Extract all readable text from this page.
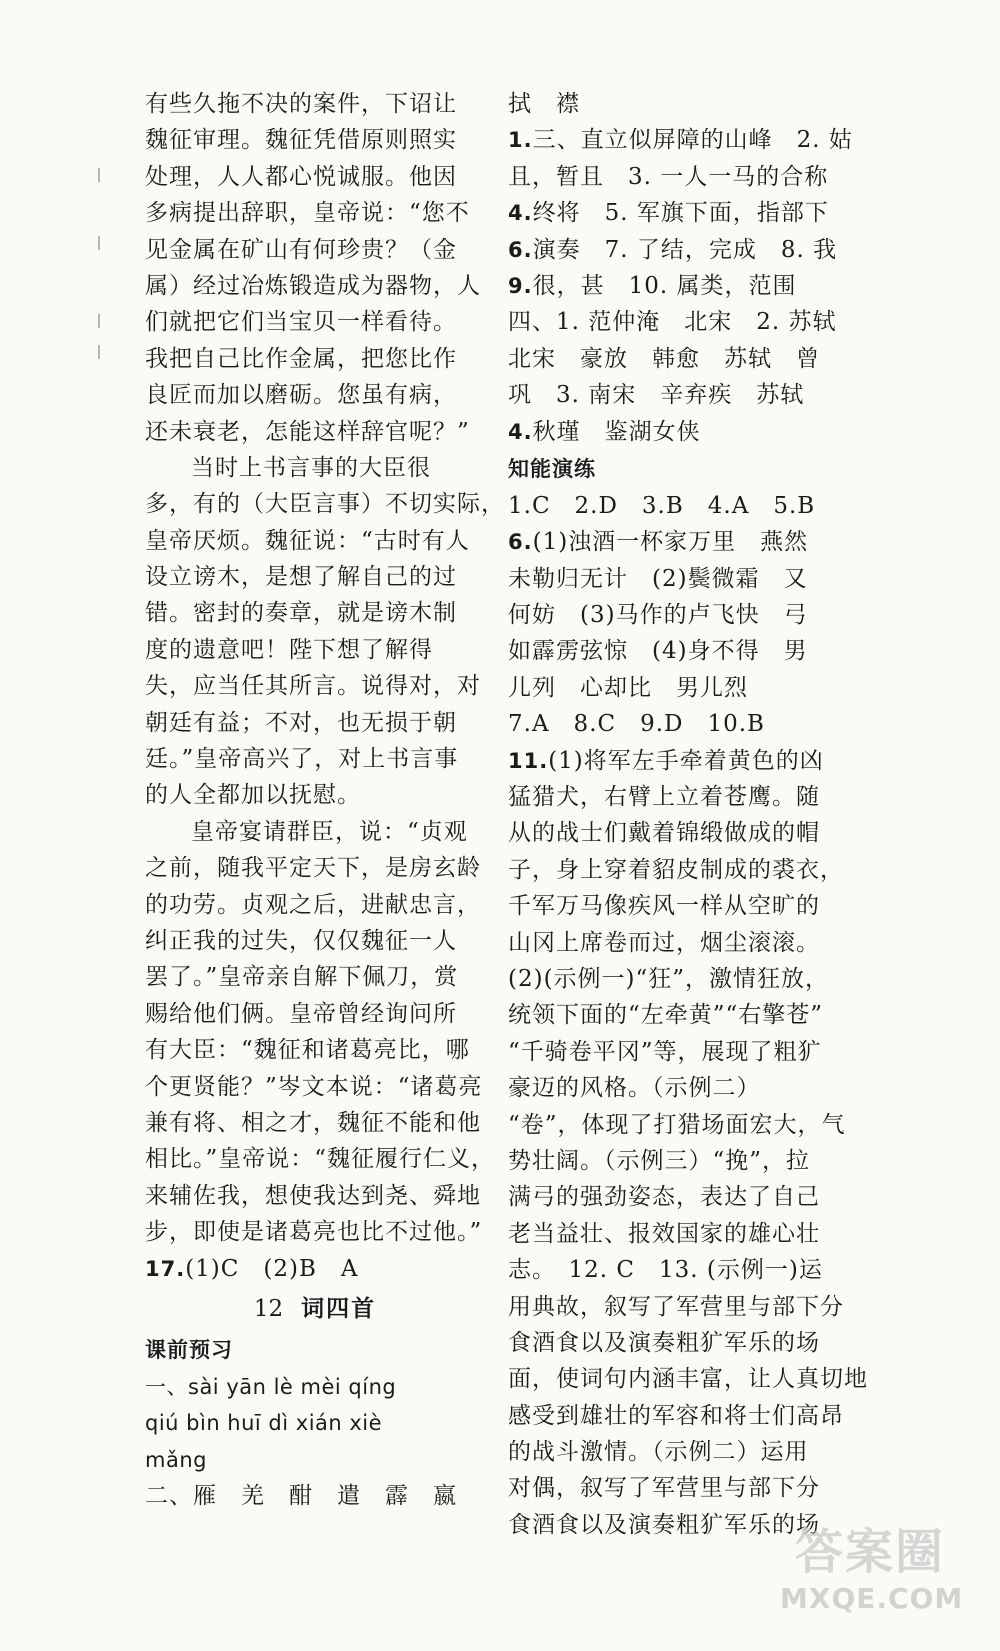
有些久拖不决的案件，下诏让
魏征审理。魏征凭借原则照实
处理，人人都心悦诚服。他因
多病提出辞职，皇帝说：“您不
见金属在矿山有何珍贵？（金
属）经过冶炼锻造成为器物，人
们就把它们当宝贝一样看待。
我把自己比作金属，把您比作
良匠而加以磨砺。您虽有病，
还未衰老，怎能这样辞官呢？”
当时上书言事的大臣很
多，有的（大臣言事）不切实际，
皇帝厌烦。魏征说：“古时有人
设立谤木，是想了解自己的过
错。密封的奏章，就是谤木制
度的遗意吧！陛下想了解得
失，应当任其所言。说得对，对
朝廷有益；不对，也无损于朝
廷。”皇帝高兴了，对上书言事
的人全都加以抚慰。
皇帝宴请群臣，说：“贞观
之前，随我平定天下，是房玄龄
的功劳。贞观之后，进献忠言，
纠正我的过失，仅仅魏征一人
罢了。”皇帝亲自解下佩刀，赏
赐给他们俩。皇帝曾经询问所
有大臣：“魏征和诸葛亮比，哪
个更贤能？”岑文本说：“诸葛亮
兼有将、相之才，魏征不能和他
相比。”皇帝说：“魏征履行仁义，
来辅佐我，想使我达到尧、舜地
步，即使是诸葛亮也比不过他。”
17.(1)C　(2)B　A
12 词四首
课前预习
一、sài yān lè mèi qíng
qiú bìn huī dì xián xiè
mǎng
二、雁　羌　酣　遣　霹　嬴
拭　襟
1.三、直立似屏障的山峰　2. 姑
且，暂且　3. 一人一马的合称
4.终将　5. 军旗下面，指部下
6.演奏　7. 了结，完成　8. 我
9.很，甚　10. 属类，范围
四、1. 范仲淹　北宋　2. 苏轼
北宋　豪放　韩愈　苏轼　曾
巩　3. 南宋　辛弃疾　苏轼
4.秋瑾　鉴湖女侠
知能演练
1.C　2.D　3.B　4.A　5.B
6.(1)浊酒一杯家万里　燕然
未勒归无计　(2)鬓微霜　又
何妨　(3)马作的卢飞快　弓
如霹雳弦惊　(4)身不得　男
儿列　心却比　男儿烈
7.A　8.C　9.D　10.B
11.(1)将军左手牵着黄色的凶
猛猎犬，右臂上立着苍鹰。随
从的战士们戴着锦缎做成的帽
子，身上穿着貂皮制成的裘衣，
千军万马像疾风一样从空旷的
山冈上席卷而过，烟尘滚滚。
(2)(示例一)“狂”，激情狂放，
统领下面的“左牵黄”“右擎苍”
“千骑卷平冈”等，展现了粗犷
豪迈的风格。（示例二）
“卷”，体现了打猎场面宏大，气
势壮阔。（示例三）“挽”，拉
满弓的强劲姿态，表达了自己
老当益壮、报效国家的雄心壮
志。　12. C　13. (示例一)运
用典故，叙写了军营里与部下分
食酒食以及演奏粗犷军乐的场
面，使词句内涵丰富，让人真切地
感受到雄壮的军容和将士们高昂
的战斗激情。（示例二）运用
对偶，叙写了军营里与部下分
食酒食以及演奏粗犷军乐的场
答案圈
MXQE.COM
